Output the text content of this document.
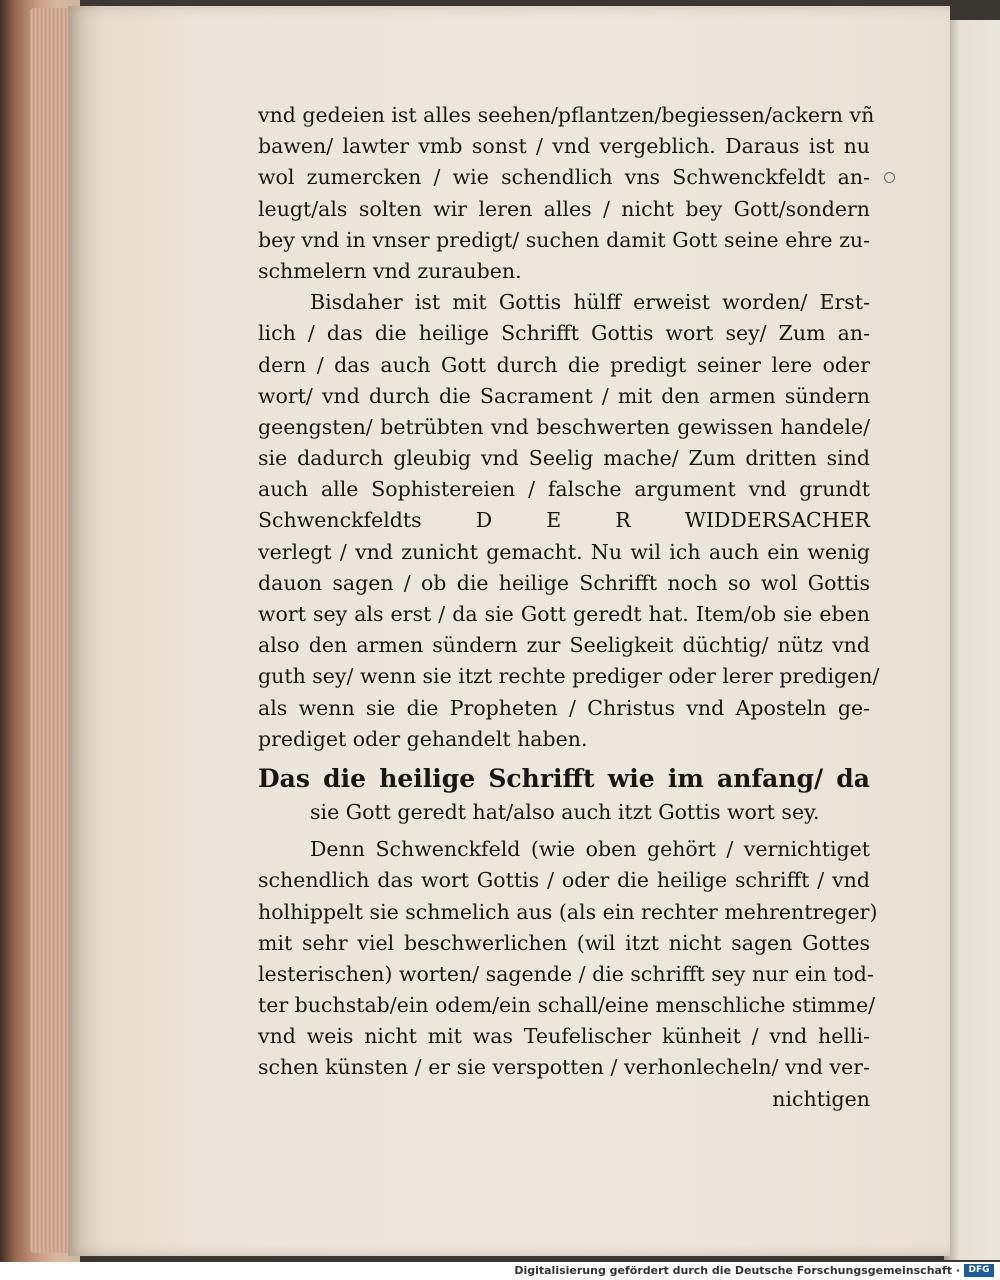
vnd gedeien ist alles seehen/pflantzen/begiessen/ackern vñ
bawen/ lawter vmb sonst / vnd vergeblich. Daraus ist nu
wol zumercken / wie schendlich vns Schwenckfeldt an-
leugt/als solten wir leren alles / nicht bey Gott/sondern
bey vnd in vnser predigt/ suchen damit Gott seine ehre zu-
schmelern vnd zurauben.
Bisdaher ist mit Gottis hülff erweist worden/ Erst-
lich / das die heilige Schrifft Gottis wort sey/ Zum an-
dern / das auch Gott durch die predigt seiner lere oder
wort/ vnd durch die Sacrament / mit den armen sündern
geengsten/ betrübten vnd beschwerten gewissen handele/
sie dadurch gleubig vnd Seelig mache/ Zum dritten sind
auch alle Sophistereien / falsche argument vnd grundt
Schwenckfeldts D E R WIDDERSACHER
verlegt / vnd zunicht gemacht. Nu wil ich auch ein wenig
dauon sagen / ob die heilige Schrifft noch so wol Gottis
wort sey als erst / da sie Gott geredt hat. Item/ob sie eben
also den armen sündern zur Seeligkeit düchtig/ nütz vnd
guth sey/ wenn sie itzt rechte prediger oder lerer predigen/
als wenn sie die Propheten / Christus vnd Aposteln ge-
prediget oder gehandelt haben.
Das die heilige Schrifft wie im anfang/ da
sie Gott geredt hat/also auch itzt Gottis wort sey.
Denn Schwenckfeld (wie oben gehört / vernichtiget
schendlich das wort Gottis / oder die heilige schrifft / vnd
holhippelt sie schmelich aus (als ein rechter mehrentreger)
mit sehr viel beschwerlichen (wil itzt nicht sagen Gottes
lesterischen) worten/ sagende / die schrifft sey nur ein tod-
ter buchstab/ein odem/ein schall/eine menschliche stimme/
vnd weis nicht mit was Teufelischer künheit / vnd helli-
schen künsten / er sie verspotten / verhonlecheln/ vnd ver-
nichtigen
Digitalisierung gefördert durch die Deutsche Forschungsgemeinschaft · DFG
